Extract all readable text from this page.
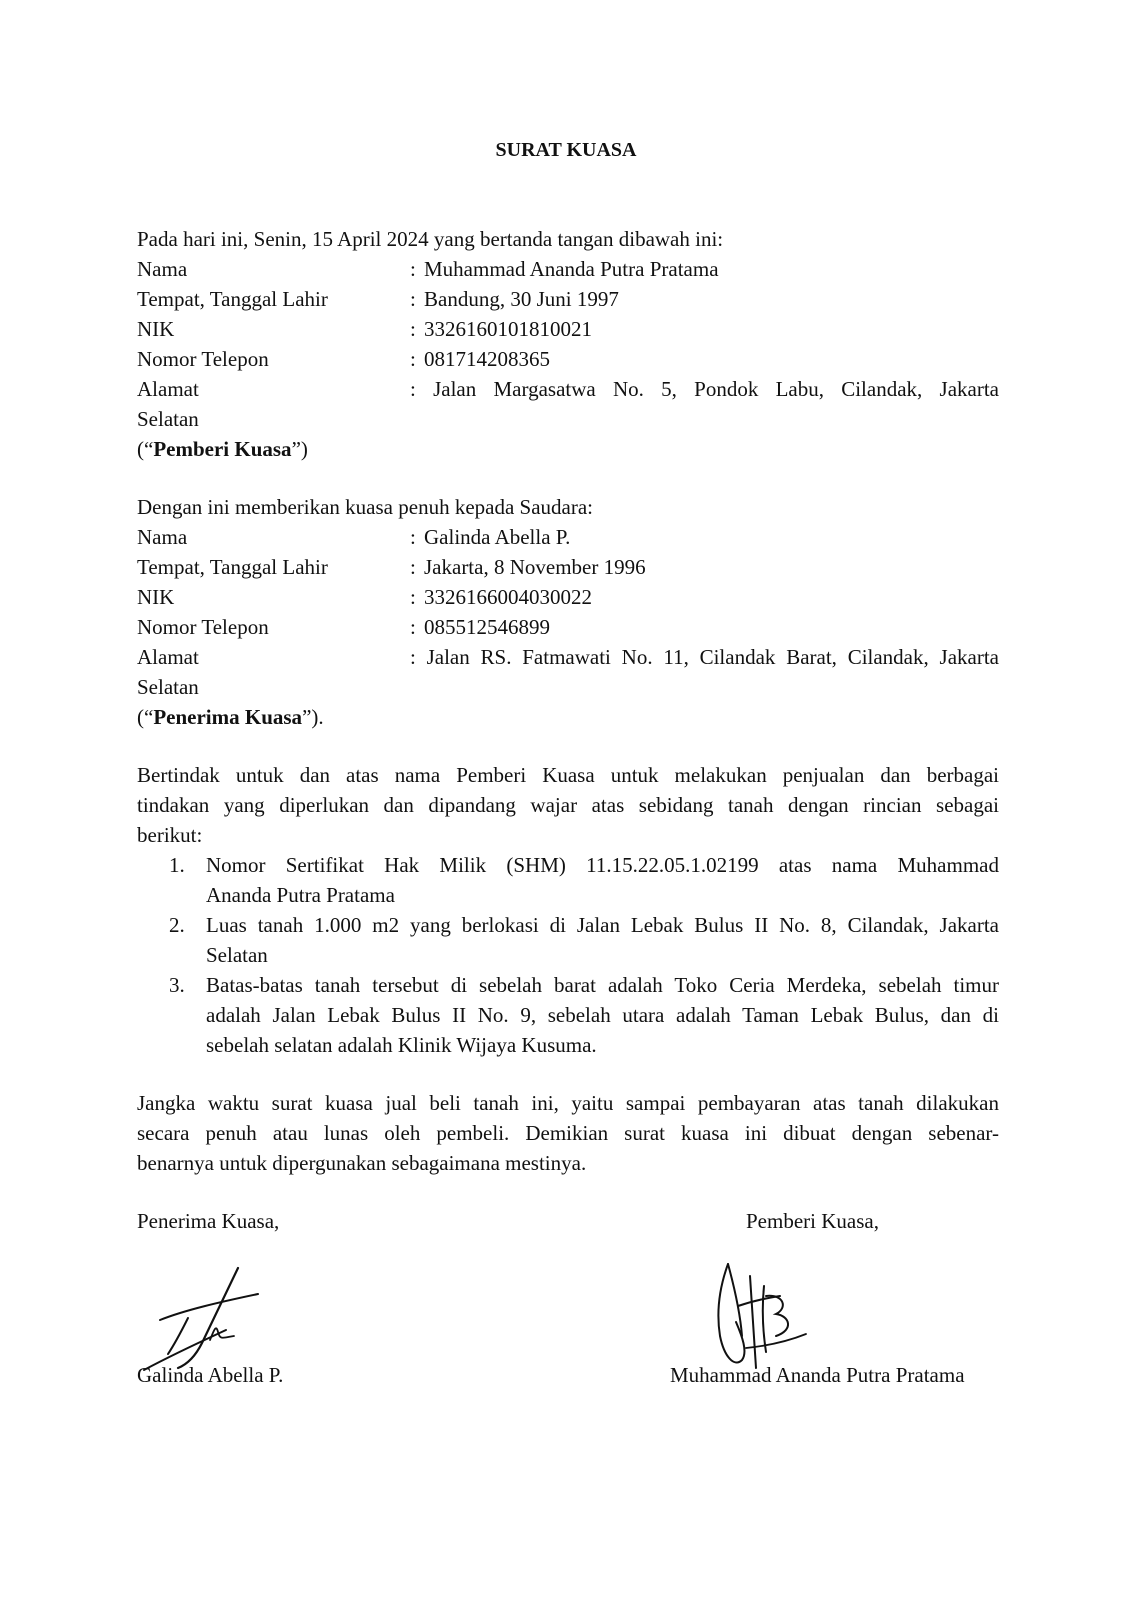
SURAT KUASA
Pada hari ini, Senin, 15 April 2024 yang bertanda tangan dibawah ini:
Nama	: Muhammad Ananda Putra Pratama
Tempat, Tanggal Lahir	: Bandung, 30 Juni 1997
NIK	: 3326160101810021
Nomor Telepon	: 081714208365
Alamat	: Jalan Margasatwa No. 5, Pondok Labu, Cilandak, Jakarta
Selatan
(“Pemberi Kuasa”)
Dengan ini memberikan kuasa penuh kepada Saudara:
Nama	: Galinda Abella P.
Tempat, Tanggal Lahir	: Jakarta, 8 November 1996
NIK	: 3326166004030022
Nomor Telepon	: 085512546899
Alamat	: Jalan RS. Fatmawati No. 11, Cilandak Barat, Cilandak, Jakarta
Selatan
(“Penerima Kuasa”).
Bertindak untuk dan atas nama Pemberi Kuasa untuk melakukan penjualan dan berbagai
tindakan yang diperlukan dan dipandang wajar atas sebidang tanah dengan rincian sebagai
berikut:
1. Nomor Sertifikat Hak Milik (SHM) 11.15.22.05.1.02199 atas nama Muhammad
Ananda Putra Pratama
2. Luas tanah 1.000 m2 yang berlokasi di Jalan Lebak Bulus II No. 8, Cilandak, Jakarta
Selatan
3. Batas-batas tanah tersebut di sebelah barat adalah Toko Ceria Merdeka, sebelah timur
adalah Jalan Lebak Bulus II No. 9, sebelah utara adalah Taman Lebak Bulus, dan di
sebelah selatan adalah Klinik Wijaya Kusuma.
Jangka waktu surat kuasa jual beli tanah ini, yaitu sampai pembayaran atas tanah dilakukan
secara penuh atau lunas oleh pembeli. Demikian surat kuasa ini dibuat dengan sebenar-
benarnya untuk dipergunakan sebagaimana mestinya.
Penerima Kuasa,	Pemberi Kuasa,
Galinda Abella P.	Muhammad Ananda Putra Pratama
